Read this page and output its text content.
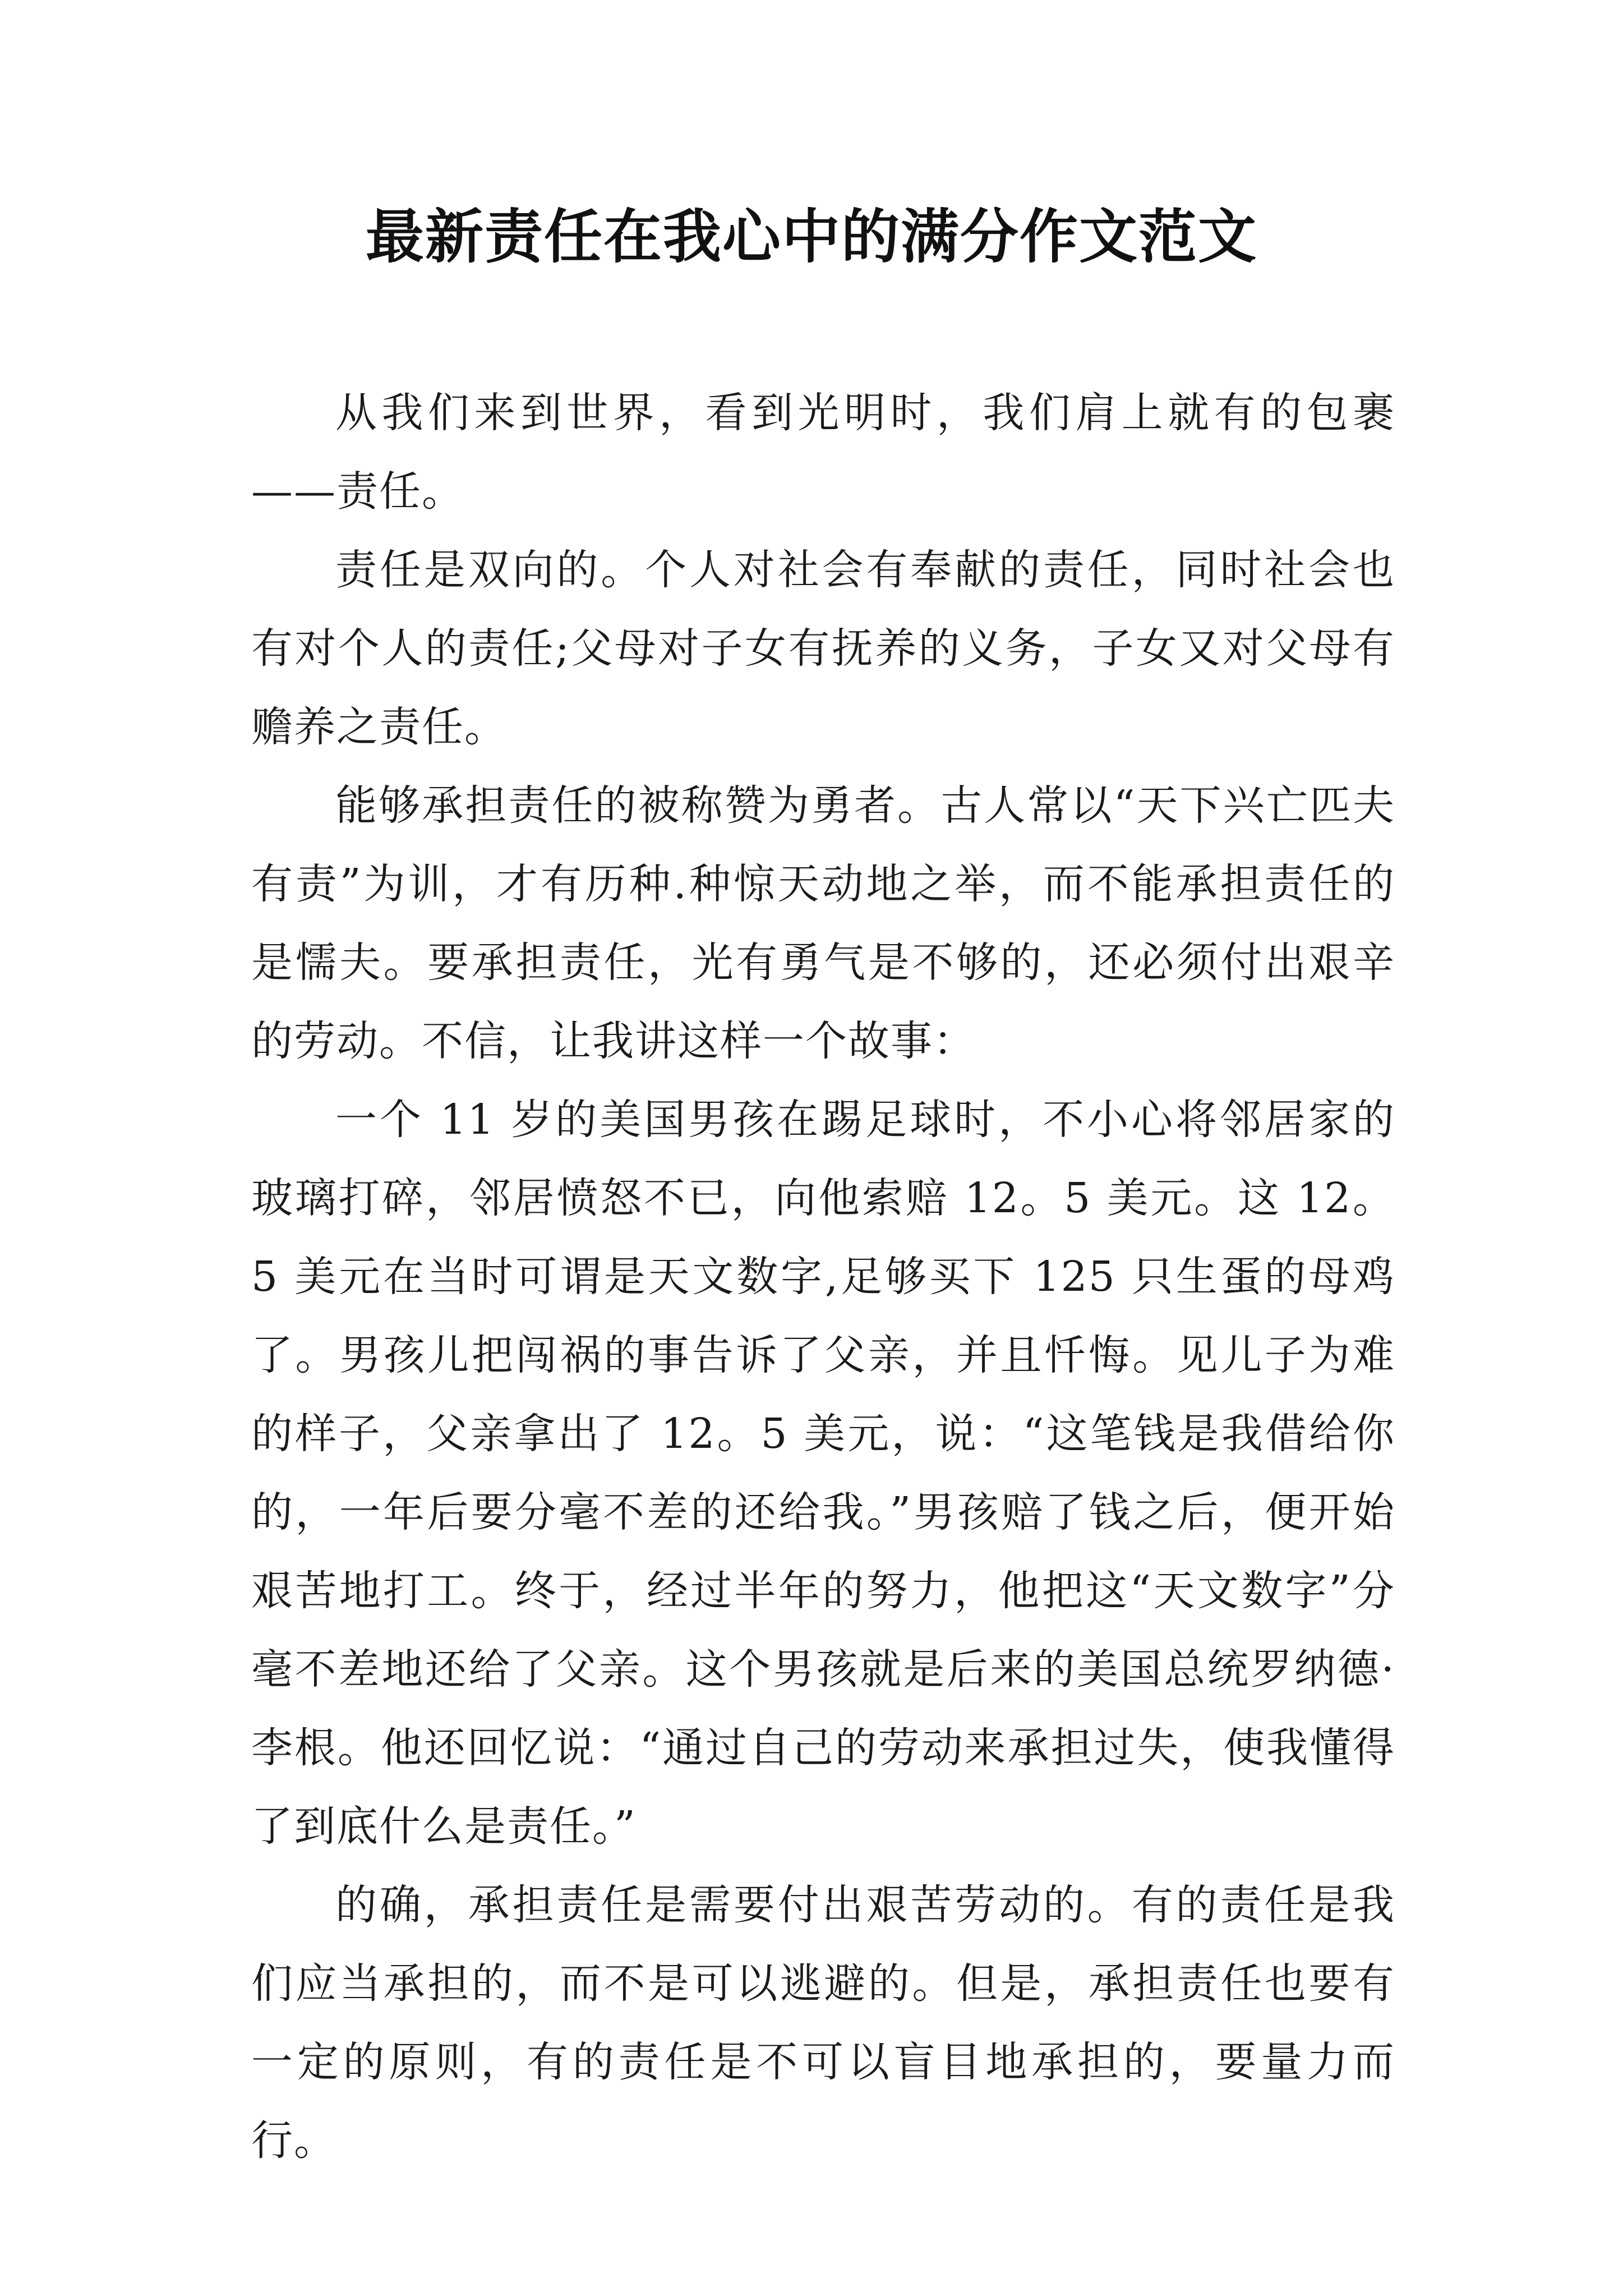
最新责任在我心中的满分作文范文

从我们来到世界，看到光明时，我们肩上就有的包裹——责任。

责任是双向的。个人对社会有奉献的责任，同时社会也有对个人的责任;父母对子女有抚养的义务，子女又对父母有赡养之责任。

能够承担责任的被称赞为勇者。古人常以“天下兴亡匹夫有责”为训，才有历种.种惊天动地之举，而不能承担责任的是懦夫。要承担责任，光有勇气是不够的，还必须付出艰辛的劳动。不信，让我讲这样一个故事：

一个 11 岁的美国男孩在踢足球时，不小心将邻居家的玻璃打碎，邻居愤怒不已，向他索赔 12。5 美元。这 12。5 美元在当时可谓是天文数字,足够买下 125 只生蛋的母鸡了。男孩儿把闯祸的事告诉了父亲，并且忏悔。见儿子为难的样子，父亲拿出了 12。5 美元，说：“这笔钱是我借给你的，一年后要分毫不差的还给我。”男孩赔了钱之后，便开始艰苦地打工。终于，经过半年的努力，他把这“天文数字”分毫不差地还给了父亲。这个男孩就是后来的美国总统罗纳德·李根。他还回忆说：“通过自己的劳动来承担过失，使我懂得了到底什么是责任。”

的确，承担责任是需要付出艰苦劳动的。有的责任是我们应当承担的，而不是可以逃避的。但是，承担责任也要有一定的原则，有的责任是不可以盲目地承担的，要量力而行。
